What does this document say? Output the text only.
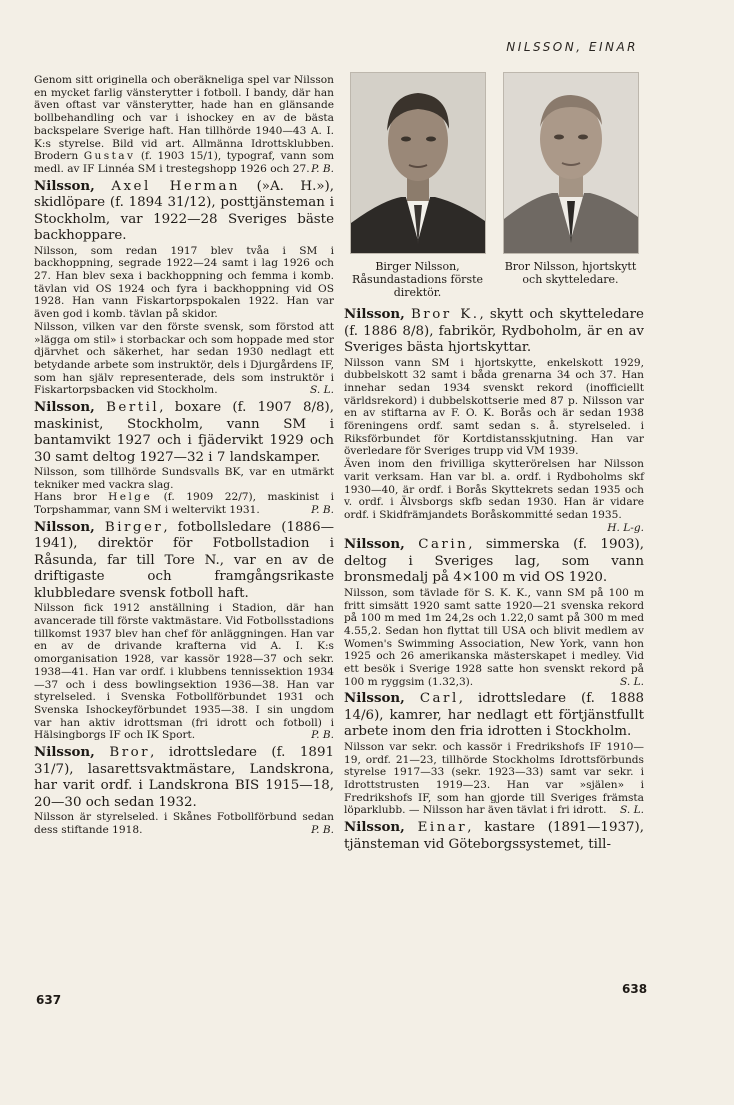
NILSSON, EINAR

Genom sitt originella och oberäkneliga spel var Nilsson en mycket farlig vänsterytter i fotboll. I bandy, där han även oftast var vänsterytter, hade han en glänsande bollbehandling och var i ishockey en av de bästa backspelare Sverige haft. Han tillhörde 1940—43 A. I. K:s styrelse. Bild vid art. Allmänna Idrottsklubben. Brodern Gustav (f. 1903 15/1), typograf, vann som medl. av IF Linnéa SM i trestegshopp 1926 och 27. P. B.

Nilsson, Axel Herman (»A. H.»), skidlöpare (f. 1894 31/12), posttjänsteman i Stockholm, var 1922—28 Sveriges bäste backhoppare.

Nilsson, som redan 1917 blev tvåa i SM i backhoppning, segrade 1922—24 samt i lag 1926 och 27. Han blev sexa i backhoppning och femma i komb. tävlan vid OS 1924 och fyra i backhoppning vid OS 1928. Han vann Fiskartorpspokalen 1922. Han var även god i komb. tävlan på skidor.

Nilsson, vilken var den förste svensk, som förstod att »lägga om stil» i storbackar och som hoppade med stor djärvhet och säkerhet, har sedan 1930 nedlagt ett betydande arbete som instruktör, dels i Djurgårdens IF, som han själv representerade, dels som instruktör i Fiskartorpsbacken vid Stockholm.	S. L.

Nilsson, Bertil, boxare (f. 1907 8/8), maskinist, Stockholm, vann SM i bantamvikt 1927 och i fjädervikt 1929 och 30 samt deltog 1927—32 i 7 landskamper.

Nilsson, som tillhörde Sundsvalls BK, var en utmärkt tekniker med vackra slag.

Hans bror Helge (f. 1909 22/7), maskinist i Torpshammar, vann SM i weltervikt 1931.	P. B.

Nilsson, Birger, fotbollsledare (1886—1941), direktör för Fotbollstadion i Råsunda, far till Tore N., var en av de driftigaste och framgångsrikaste klubbledare svensk fotboll haft.

Nilsson fick 1912 anställning i Stadion, där han avancerade till förste vaktmästare. Vid Fotbollsstadions tillkomst 1937 blev han chef för anläggningen. Han var en av de drivande krafterna vid A. I. K:s omorganisation 1928, var kassör 1928—37 och sekr. 1938—41. Han var ordf. i klubbens tennissektion 1934—37 och i dess bowlingsektion 1936—38. Han var styrelseled. i Svenska Fotbollförbundet 1931 och Svenska Ishockeyförbundet 1935—38. I sin ungdom var han aktiv idrottsman (fri idrott och fotboll) i Hälsingborgs IF och IK Sport.	P. B.

Nilsson, Bror, idrottsledare (f. 1891 31/7), lasarettsvaktmästare, Landskrona, har varit ordf. i Landskrona BIS 1915—18, 20—30 och sedan 1932.

Nilsson är styrelseled. i Skånes Fotbollförbund sedan dess stiftande 1918.	P. B.

637
Birger Nilsson, Råsundastadions förste direktör.
Bror Nilsson, hjortskytt och skytteledare.

Nilsson, Bror K., skytt och skytteledare (f. 1886 8/8), fabrikör, Rydboholm, är en av Sveriges bästa hjortskyttar.

Nilsson vann SM i hjortskytte, enkelskott 1929, dubbelskott 32 samt i båda grenarna 34 och 37. Han innehar sedan 1934 svenskt rekord (inofficiellt världsrekord) i dubbelskottserie med 87 p. Nilsson var en av stiftarna av F. O. K. Borås och är sedan 1938 föreningens ordf. samt sedan s. å. styrelseled. i Riksförbundet för Kortdistansskjutning. Han var överledare för Sveriges trupp vid VM 1939.

Även inom den frivilliga skytterörelsen har Nilsson varit verksam. Han var bl. a. ordf. i Rydboholms skf 1930—40, är ordf. i Borås Skyttekrets sedan 1935 och v. ordf. i Älvsborgs skfb sedan 1930. Han är vidare ordf. i Skidfrämjandets Boråskommitté sedan 1935.
H. L-g.

Nilsson, Carin, simmerska (f. 1903), deltog i Sveriges lag, som vann bronsmedalj på 4×100 m vid OS 1920.

Nilsson, som tävlade för S. K. K., vann SM på 100 m fritt simsätt 1920 samt satte 1920—21 svenska rekord på 100 m med 1m 24,2s och 1.22,0 samt på 300 m med 4.55,2. Sedan hon flyttat till USA och blivit medlem av Women's Swimming Association, New York, vann hon 1925 och 26 amerikanska mästerskapet i medley. Vid ett besök i Sverige 1928 satte hon svenskt rekord på 100 m ryggsim (1.32,3).	S. L.

Nilsson, Carl, idrottsledare (f. 1888 14/6), kamrer, har nedlagt ett förtjänstfullt arbete inom den fria idrotten i Stockholm.

Nilsson var sekr. och kassör i Fredrikshofs IF 1910—19, ordf. 21—23, tillhörde Stockholms Idrottsförbunds styrelse 1917—33 (sekr. 1923—33) samt var sekr. i Idrottstrusten 1919—23. Han var »själen» i Fredrikshofs IF, som han gjorde till Sveriges främsta löparklubb. — Nilsson har även tävlat i fri idrott. S. L.

Nilsson, Einar, kastare (1891—1937), tjänsteman vid Göteborgssystemet, till-

638
